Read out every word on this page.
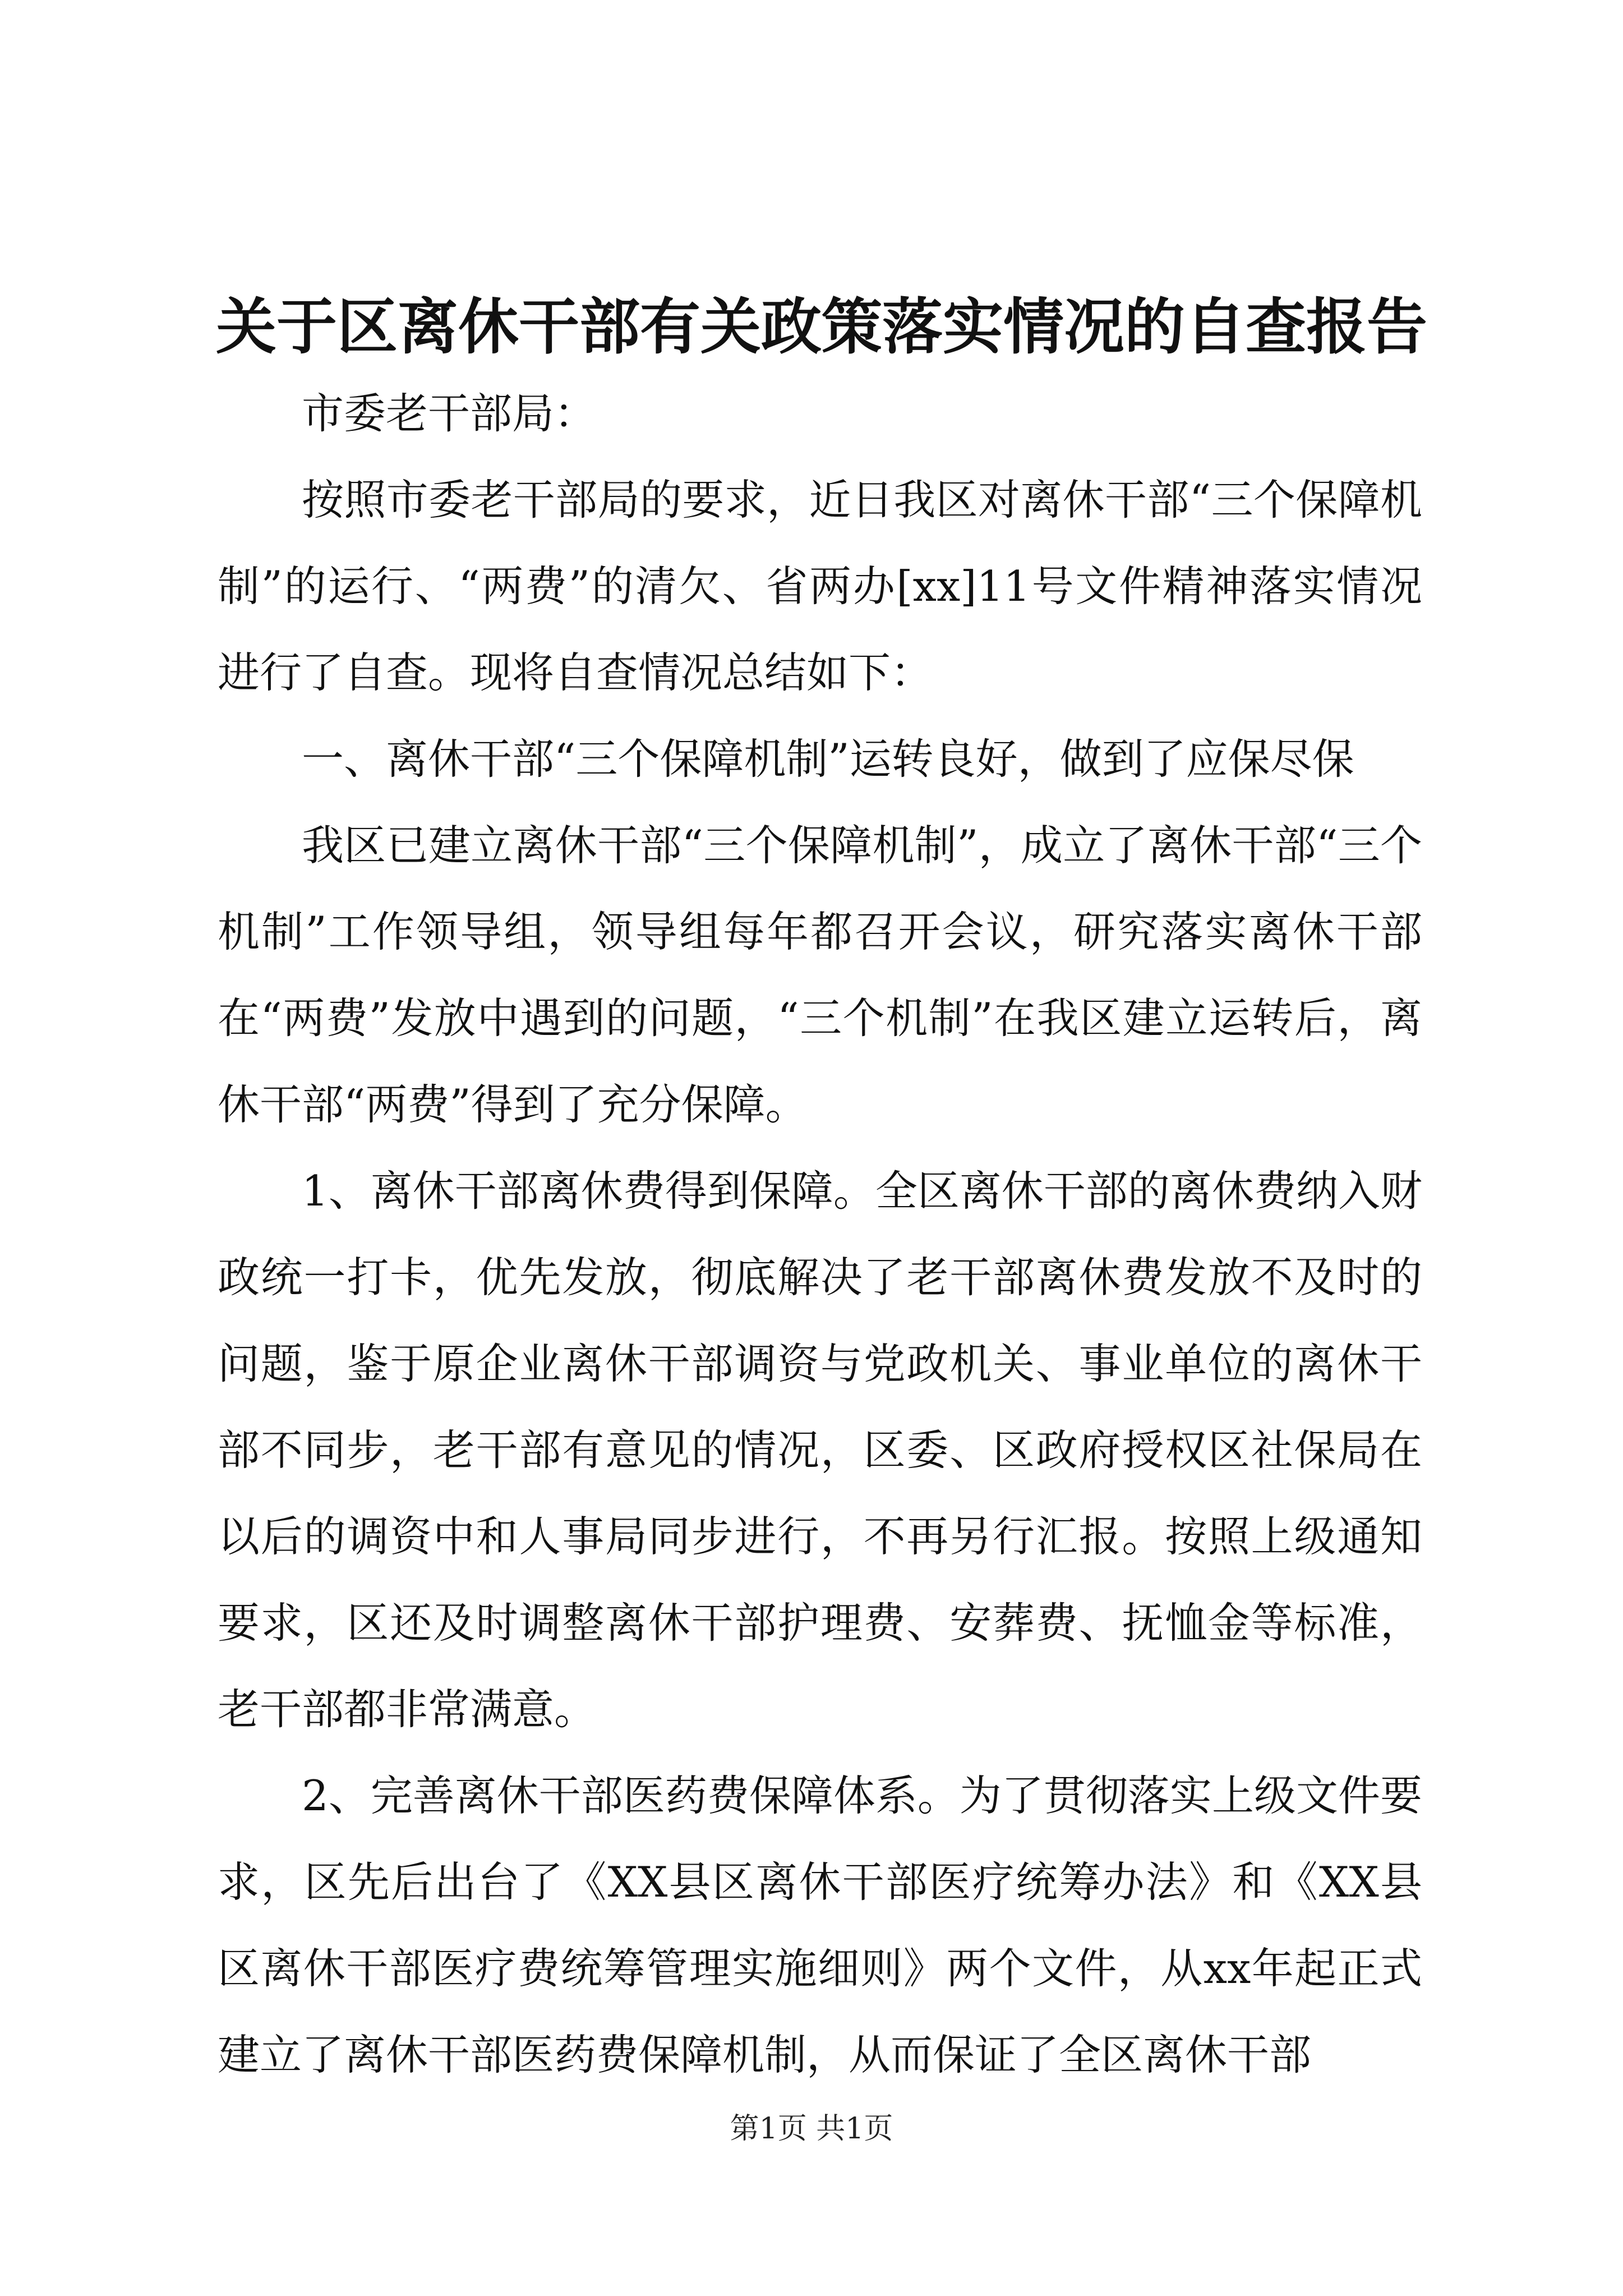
关于区离休干部有关政策落实情况的自查报告

市委老干部局：

按照市委老干部局的要求，近日我区对离休干部“三个保障机制”的运行、“两费”的清欠、省两办[xx]11号文件精神落实情况进行了自查。现将自查情况总结如下：

一、离休干部“三个保障机制”运转良好，做到了应保尽保

我区已建立离休干部“三个保障机制”，成立了离休干部“三个机制”工作领导组，领导组每年都召开会议，研究落实离休干部在“两费”发放中遇到的问题，“三个机制”在我区建立运转后，离休干部“两费”得到了充分保障。

1、离休干部离休费得到保障。全区离休干部的离休费纳入财政统一打卡，优先发放，彻底解决了老干部离休费发放不及时的问题，鉴于原企业离休干部调资与党政机关、事业单位的离休干部不同步，老干部有意见的情况，区委、区政府授权区社保局在以后的调资中和人事局同步进行，不再另行汇报。按照上级通知要求，区还及时调整离休干部护理费、安葬费、抚恤金等标准，老干部都非常满意。

2、完善离休干部医药费保障体系。为了贯彻落实上级文件要求，区先后出台了《XX县区离休干部医疗统筹办法》和《XX县区离休干部医疗费统筹管理实施细则》两个文件，从xx年起正式建立了离休干部医药费保障机制，从而保证了全区离休干部

第1页 共1页
